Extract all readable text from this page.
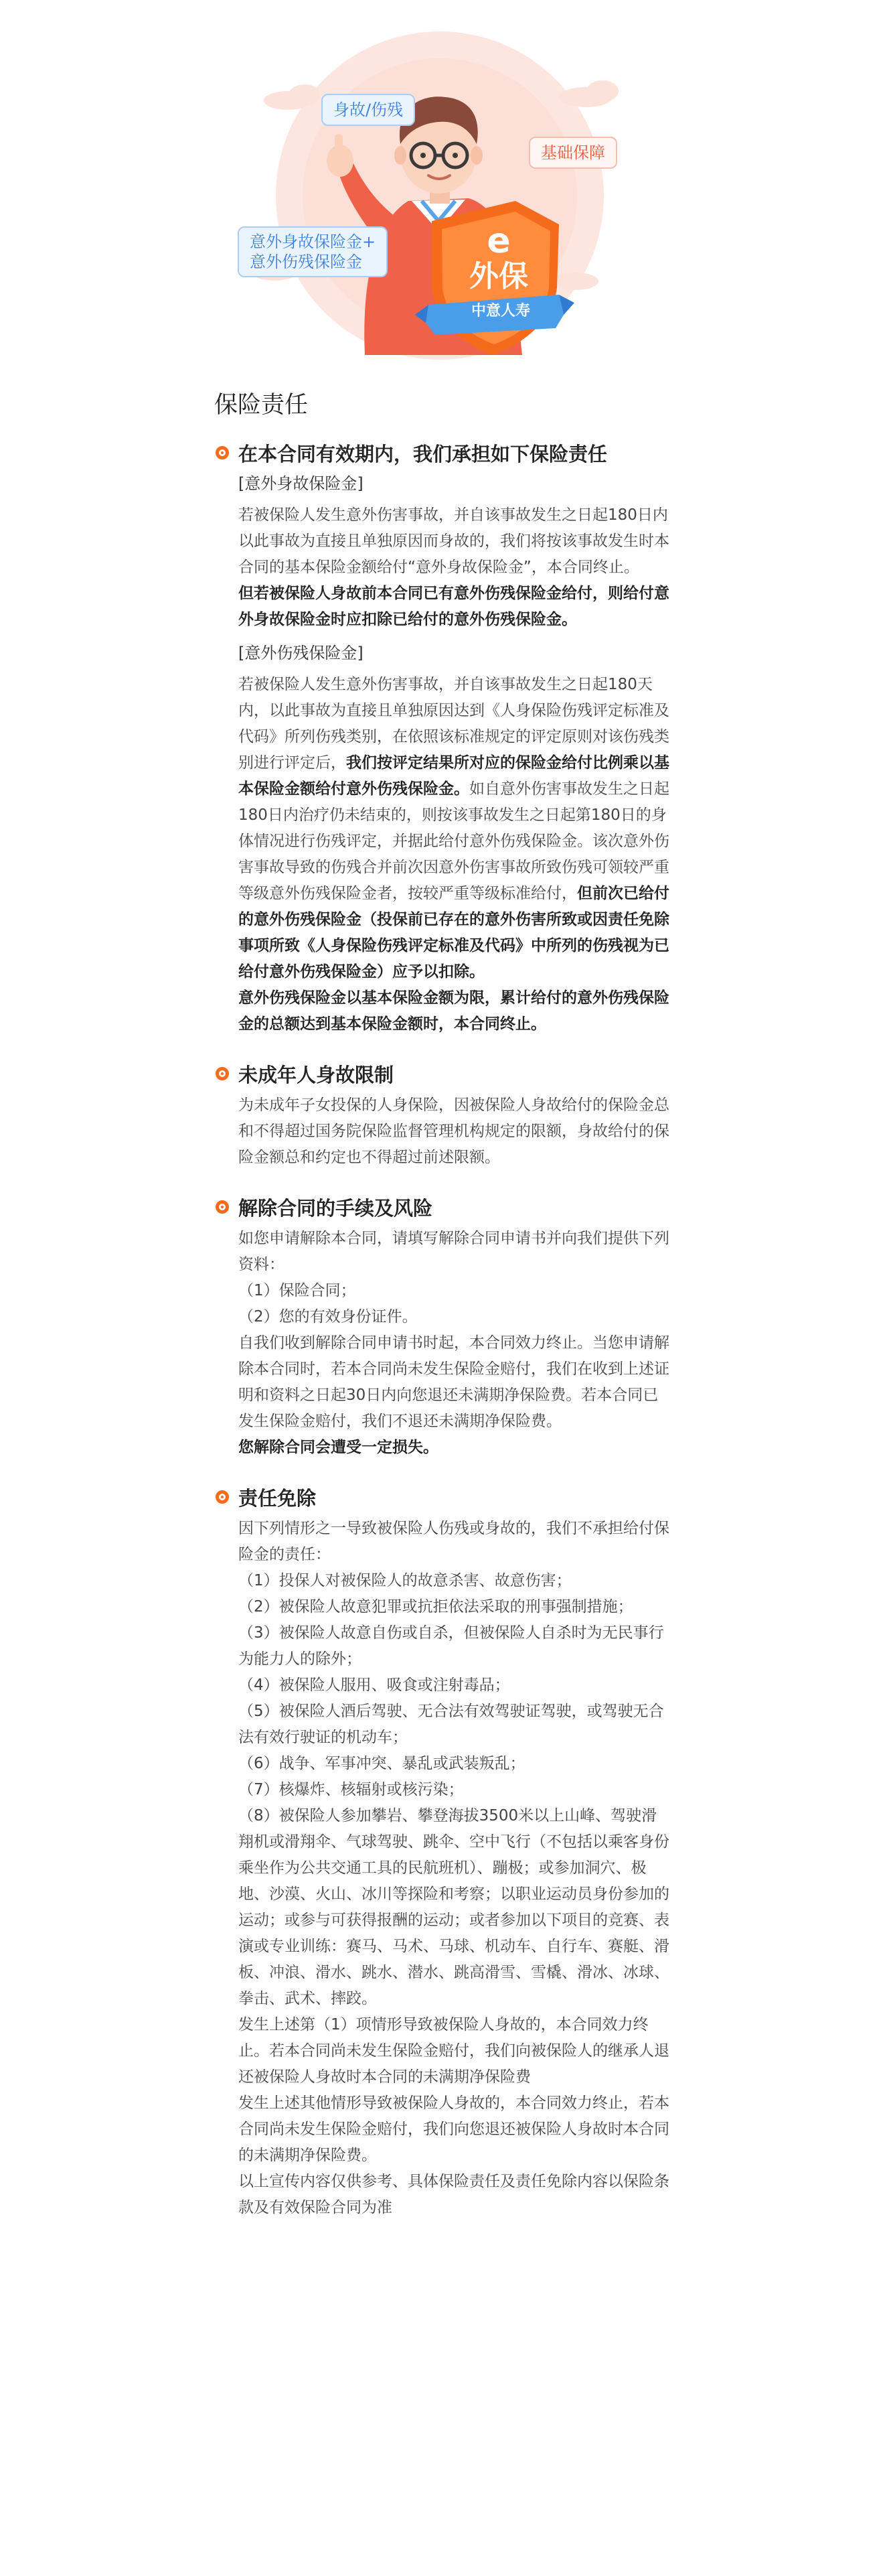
身故/伤残
基础保障
意外身故保险金+
意外伤残保险金
e
外保
中意人寿
保险责任
在本合同有效期内，我们承担如下保险责任
[意外身故保险金]

若被保险人发生意外伤害事故，并自该事故发生之日起180日内以此事故为直接且单独原因而身故的，我们将按该事故发生时本合同的基本保险金额给付“意外身故保险金”，本合同终止。

但若被保险人身故前本合同已有意外伤残保险金给付，则给付意外身故保险金时应扣除已给付的意外伤残保险金。

[意外伤残保险金]

若被保险人发生意外伤害事故，并自该事故发生之日起180天内，以此事故为直接且单独原因达到《人身保险伤残评定标准及代码》所列伤残类别，在依照该标准规定的评定原则对该伤残类别进行评定后，我们按评定结果所对应的保险金给付比例乘以基本保险金额给付意外伤残保险金。如自意外伤害事故发生之日起180日内治疗仍未结束的，则按该事故发生之日起第180日的身体情况进行伤残评定，并据此给付意外伤残保险金。该次意外伤害事故导致的伤残合并前次因意外伤害事故所致伤残可领较严重等级意外伤残保险金者，按较严重等级标准给付，但前次已给付的意外伤残保险金（投保前已存在的意外伤害所致或因责任免除事项所致《人身保险伤残评定标准及代码》中所列的伤残视为已给付意外伤残保险金）应予以扣除。

意外伤残保险金以基本保险金额为限，累计给付的意外伤残保险金的总额达到基本保险金额时，本合同终止。

未成年人身故限制

为未成年子女投保的人身保险，因被保险人身故给付的保险金总和不得超过国务院保险监督管理机构规定的限额，身故给付的保险金额总和约定也不得超过前述限额。

解除合同的手续及风险

如您申请解除本合同，请填写解除合同申请书并向我们提供下列资料：

（1）保险合同；

（2）您的有效身份证件。

自我们收到解除合同申请书时起，本合同效力终止。当您申请解除本合同时，若本合同尚未发生保险金赔付，我们在收到上述证明和资料之日起30日内向您退还未满期净保险费。若本合同已发生保险金赔付，我们不退还未满期净保险费。

您解除合同会遭受一定损失。

责任免除

因下列情形之一导致被保险人伤残或身故的，我们不承担给付保险金的责任：

（1）投保人对被保险人的故意杀害、故意伤害；

（2）被保险人故意犯罪或抗拒依法采取的刑事强制措施；

（3）被保险人故意自伤或自杀，但被保险人自杀时为无民事行为能力人的除外；

（4）被保险人服用、吸食或注射毒品；

（5）被保险人酒后驾驶、无合法有效驾驶证驾驶，或驾驶无合法有效行驶证的机动车；

（6）战争、军事冲突、暴乱或武装叛乱；

（7）核爆炸、核辐射或核污染；

（8）被保险人参加攀岩、攀登海拔3500米以上山峰、驾驶滑翔机或滑翔伞、气球驾驶、跳伞、空中飞行（不包括以乘客身份乘坐作为公共交通工具的民航班机）、蹦极；或参加洞穴、极地、沙漠、火山、冰川等探险和考察；以职业运动员身份参加的运动；或参与可获得报酬的运动；或者参加以下项目的竞赛、表演或专业训练：赛马、马术、马球、机动车、自行车、赛艇、滑板、冲浪、滑水、跳水、潜水、跳高滑雪、雪橇、滑冰、冰球、拳击、武术、摔跤。

发生上述第（1）项情形导致被保险人身故的，本合同效力终止。若本合同尚未发生保险金赔付，我们向被保险人的继承人退还被保险人身故时本合同的未满期净保险费

发生上述其他情形导致被保险人身故的，本合同效力终止，若本合同尚未发生保险金赔付，我们向您退还被保险人身故时本合同的未满期净保险费。

以上宣传内容仅供参考、具体保险责任及责任免除内容以保险条款及有效保险合同为准
